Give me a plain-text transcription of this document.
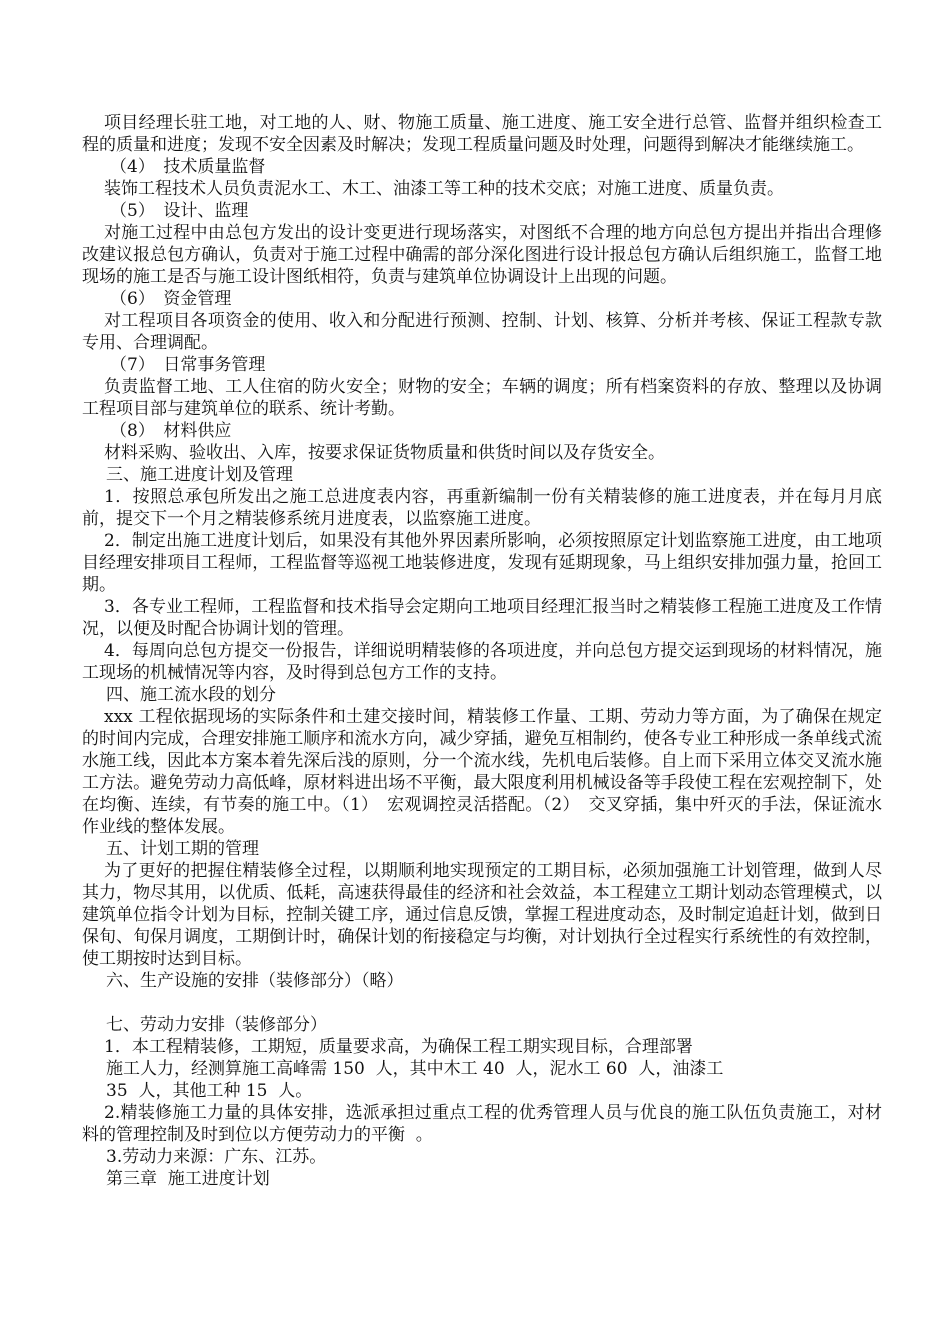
项目经理长驻工地，对工地的人、财、物施工质量、施工进度、施工安全进行总管、监督并组织检查工程的质量和进度；发现不安全因素及时解决；发现工程质量问题及时处理，问题得到解决才能继续施工。

（4）　技术质量监督

装饰工程技术人员负责泥水工、木工、油漆工等工种的技术交底；对施工进度、质量负责。

（5）　设计、监理

对施工过程中由总包方发出的设计变更进行现场落实，对图纸不合理的地方向总包方提出并指出合理修改建议报总包方确认，负责对于施工过程中确需的部分深化图进行设计报总包方确认后组织施工，监督工地现场的施工是否与施工设计图纸相符，负责与建筑单位协调设计上出现的问题。

（6）　资金管理

对工程项目各项资金的使用、收入和分配进行预测、控制、计划、核算、分析并考核、保证工程款专款专用、合理调配。

（7）　日常事务管理

负责监督工地、工人住宿的防火安全；财物的安全；车辆的调度；所有档案资料的存放、整理以及协调工程项目部与建筑单位的联系、统计考勤。

（8）　材料供应

材料采购、验收出、入库，按要求保证货物质量和供货时间以及存货安全。

三、施工进度计划及管理

1．按照总承包所发出之施工总进度表内容，再重新编制一份有关精装修的施工进度表，并在每月月底前，提交下一个月之精装修系统月进度表，以监察施工进度。

2．制定出施工进度计划后，如果没有其他外界因素所影响，必须按照原定计划监察施工进度，由工地项目经理安排项目工程师，工程监督等巡视工地装修进度，发现有延期现象，马上组织安排加强力量，抢回工期。

3．各专业工程师，工程监督和技术指导会定期向工地项目经理汇报当时之精装修工程施工进度及工作情况，以便及时配合协调计划的管理。

4．每周向总包方提交一份报告，详细说明精装修的各项进度，并向总包方提交运到现场的材料情况，施工现场的机械情况等内容，及时得到总包方工作的支持。

四、施工流水段的划分

xxx 工程依据现场的实际条件和土建交接时间，精装修工作量、工期、劳动力等方面，为了确保在规定的时间内完成，合理安排施工顺序和流水方向，减少穿插，避免互相制约，使各专业工种形成一条单线式流水施工线，因此本方案本着先深后浅的原则，分一个流水线，先机电后装修。自上而下采用立体交叉流水施工方法。避免劳动力高低峰，原材料进出场不平衡，最大限度利用机械设备等手段使工程在宏观控制下，处在均衡、连续，有节奏的施工中。（1）　宏观调控灵活搭配。（2）　交叉穿插，集中歼灭的手法，保证流水作业线的整体发展。

五、计划工期的管理

为了更好的把握住精装修全过程，以期顺利地实现预定的工期目标，必须加强施工计划管理，做到人尽其力，物尽其用，以优质、低耗，高速获得最佳的经济和社会效益，本工程建立工期计划动态管理模式，以建筑单位指令计划为目标，控制关键工序，通过信息反馈，掌握工程进度动态，及时制定追赶计划，做到日保旬、旬保月调度，工期倒计时，确保计划的衔接稳定与均衡，对计划执行全过程实行系统性的有效控制，使工期按时达到目标。

六、生产设施的安排（装修部分）（略）

七、劳动力安排（装修部分）

1．本工程精装修，工期短，质量要求高，为确保工程工期实现目标，合理部署

施工人力，经测算施工高峰需 150  人，其中木工 40  人，泥水工 60  人，油漆工

35  人，其他工种 15  人。

2.精装修施工力量的具体安排，选派承担过重点工程的优秀管理人员与优良的施工队伍负责施工，对材料的管理控制及时到位以方便劳动力的平衡  。

3.劳动力来源：广东、江苏。

第三章  施工进度计划
